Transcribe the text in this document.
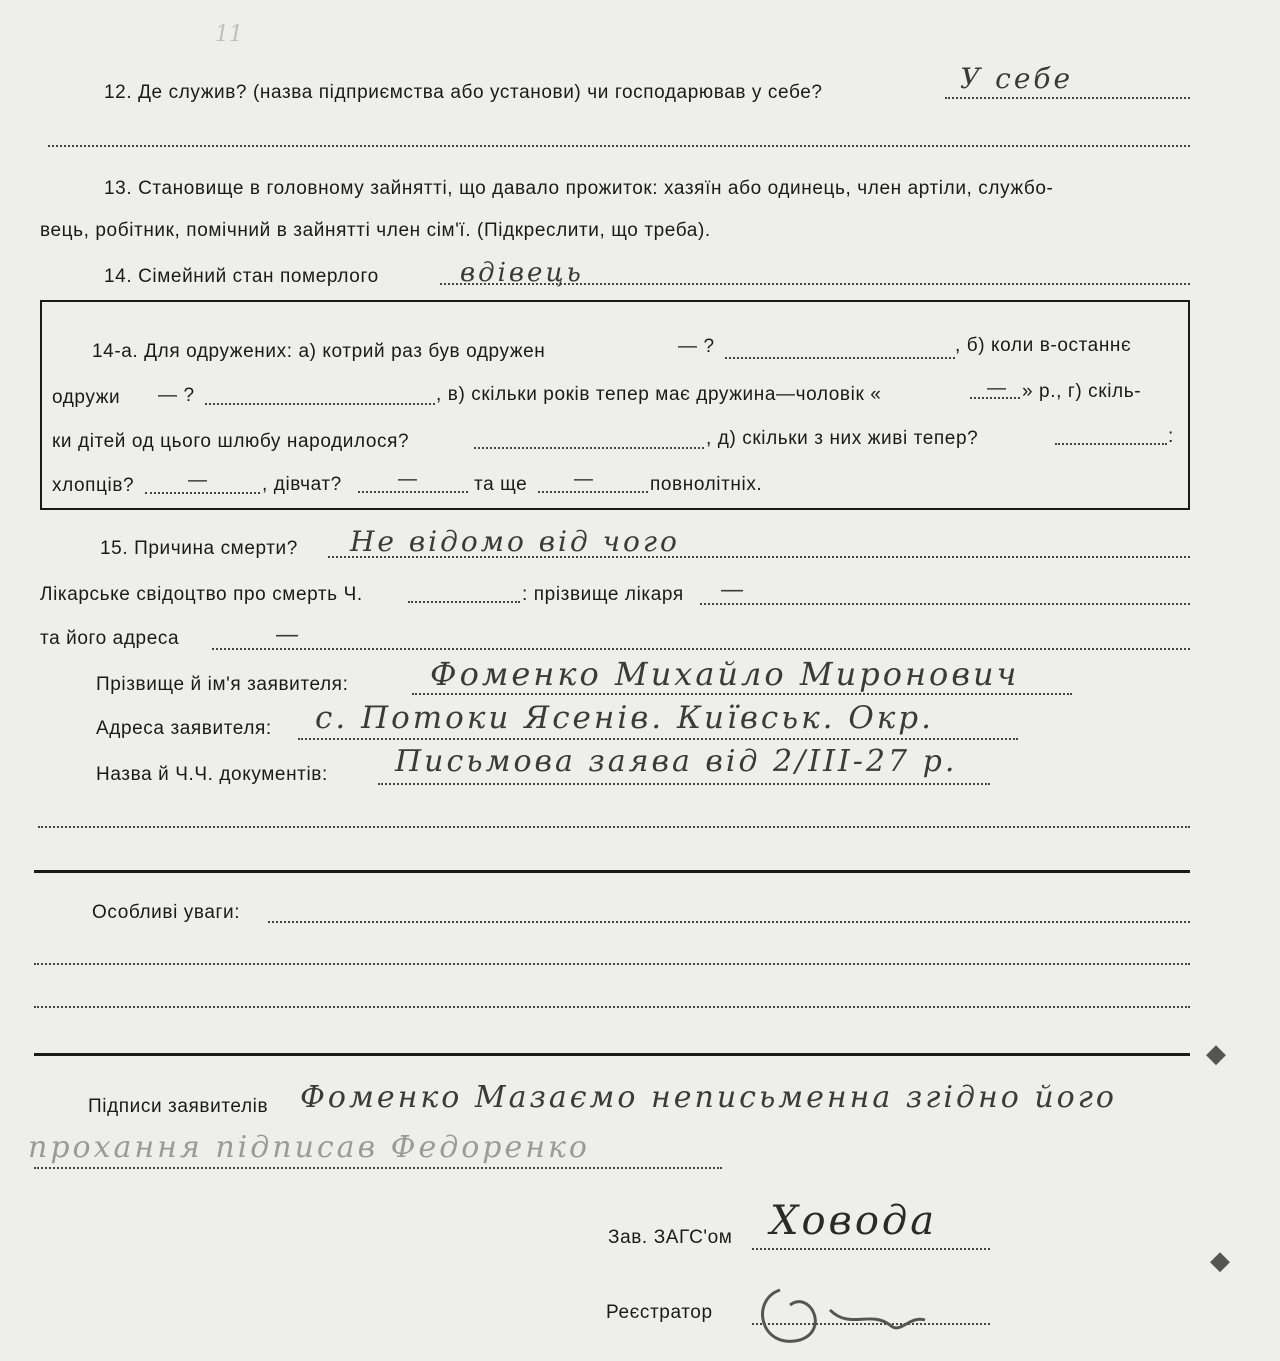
11
12. Де служив? (назва підприємства або установи) чи господарював у себе?	У себе
13. Становище в головному зайнятті, що давало прожиток: хазяїн або одинець, член артіли, службо-
вець, робітник, помічний в зайнятті член сім'ї. (Підкреслити, що треба).
14. Сімейний стан померлого	вдівець
14-а. Для одружених: а) котрий раз був одружен	— ?	, б) коли в-останнє
одружи — ?	, в) скільки років тепер має дружина—чоловік «	— » р., г) скіль-
ки дітей од цього шлюбу народилося?	, д) скільки з них живі тепер?	:
хлопців?	—	, дівчат?	—	та ще —	повнолітніх.
15. Причина смерти? Не відомо від чого
Лікарське свідоцтво про смерть Ч.	: прізвище лікаря —
та його адреса	—
Прізвище й ім'я заявителя:	Фоменко Михайло Миронович
Адреса заявителя: с. Потоки Ясенів. Київськ. Окр.
Назва й Ч.Ч. документів: Письмова заява від 2/III-27 р.
Особливі уваги:
Підписи заявителів Фоменко Мазаємо неписьменна згідно його
прохання підписав Федоренко
Зав. ЗАГС'ом Ховода
Реєстратор
◆
◆
